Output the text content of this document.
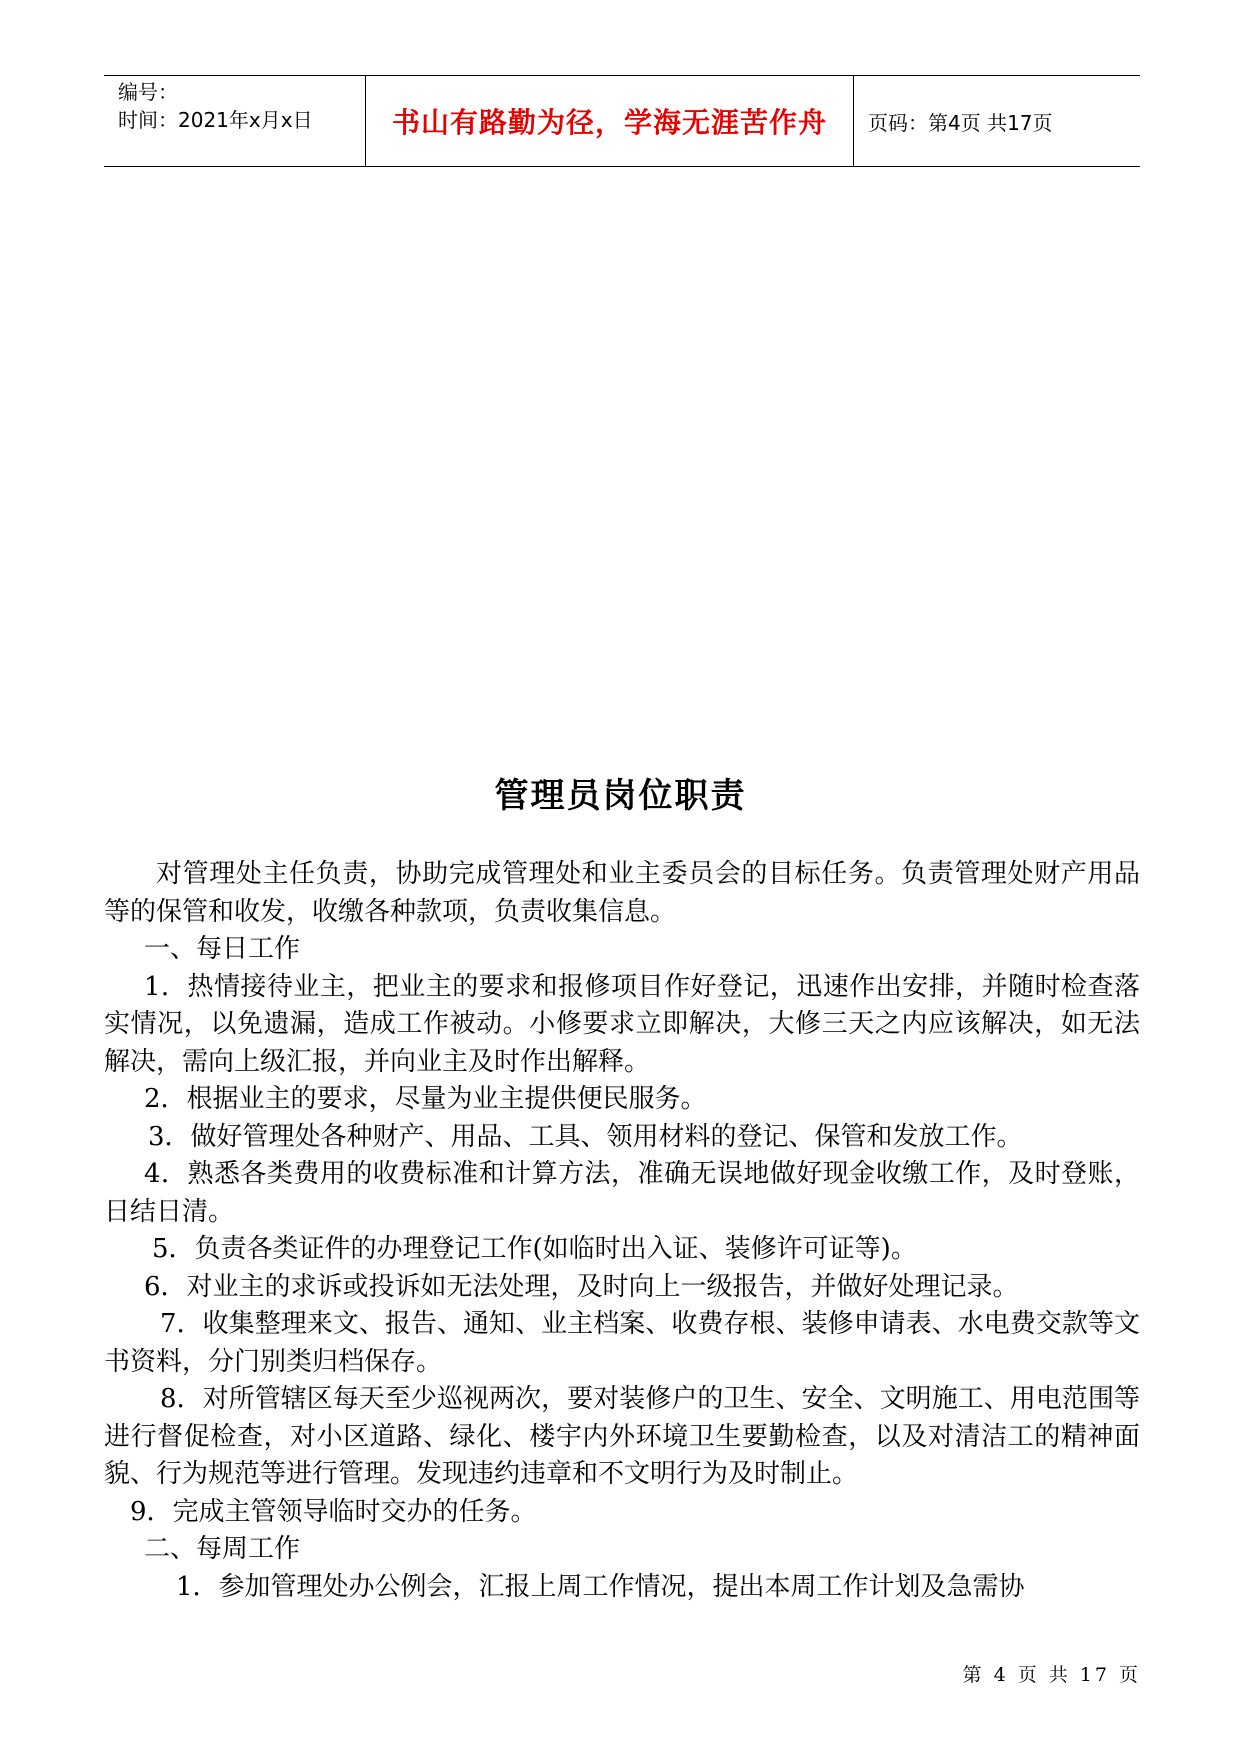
编号：
时间：2021年x月x日	书山有路勤为径，学海无涯苦作舟 页码：第4页 共17页
管理员岗位职责

对管理处主任负责，协助完成管理处和业主委员会的目标任务。负责管理处财产用品等的保管和收发，收缴各种款项，负责收集信息。

一、每日工作

1．热情接待业主，把业主的要求和报修项目作好登记，迅速作出安排，并随时检查落实情况，以免遗漏，造成工作被动。小修要求立即解决，大修三天之内应该解决，如无法解决，需向上级汇报，并向业主及时作出解释。

2．根据业主的要求，尽量为业主提供便民服务。

3．做好管理处各种财产、用品、工具、领用材料的登记、保管和发放工作。

4．熟悉各类费用的收费标准和计算方法，准确无误地做好现金收缴工作，及时登账，日结日清。

5．负责各类证件的办理登记工作(如临时出入证、装修许可证等)。

6．对业主的求诉或投诉如无法处理，及时向上一级报告，并做好处理记录。

7．收集整理来文、报告、通知、业主档案、收费存根、装修申请表、水电费交款等文书资料，分门别类归档保存。

8．对所管辖区每天至少巡视两次，要对装修户的卫生、安全、文明施工、用电范围等进行督促检查，对小区道路、绿化、楼宇内外环境卫生要勤检查，以及对清洁工的精神面貌、行为规范等进行管理。发现违约违章和不文明行为及时制止。

9．完成主管领导临时交办的任务。

二、每周工作

1．参加管理处办公例会，汇报上周工作情况，提出本周工作计划及急需协

第 4 页 共 17 页
